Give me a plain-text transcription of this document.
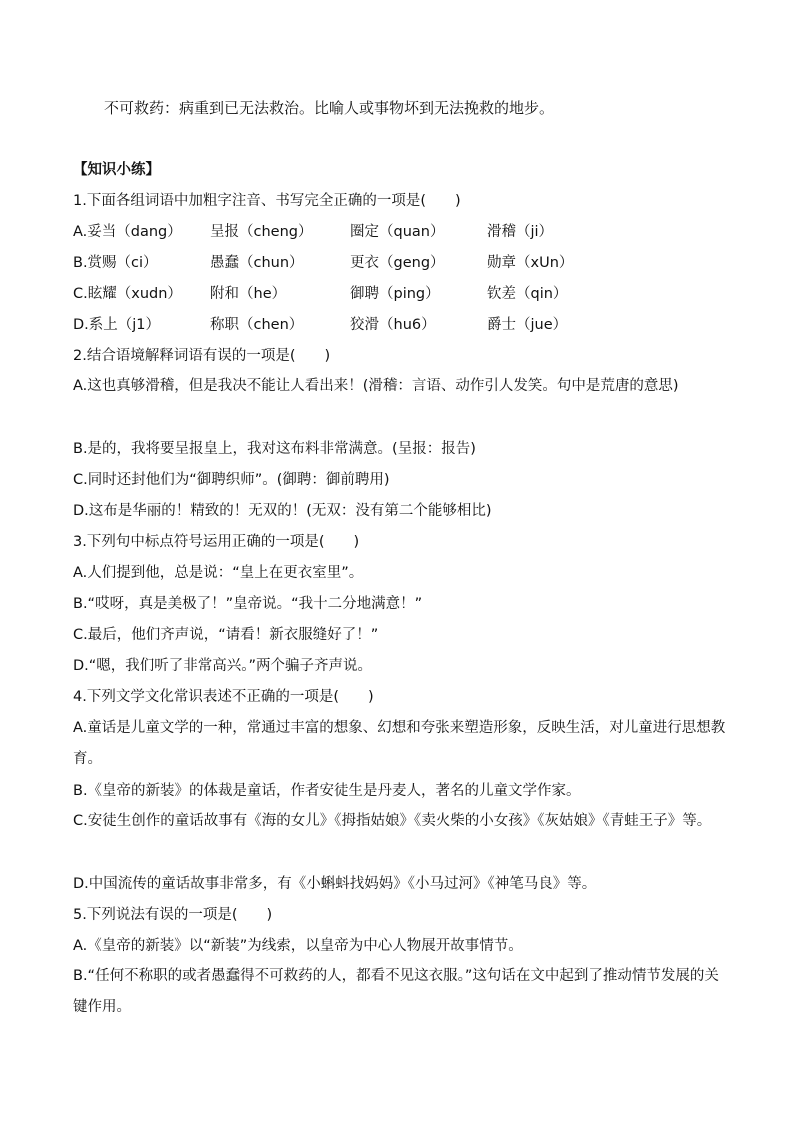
不可救药：病重到已无法救治。比喻人或事物坏到无法挽救的地步。
【知识小练】
1.下面各组词语中加粗字注音、书写完全正确的一项是(　　)
A.妥当（dang） 呈报（cheng）	圈定（quan）	滑稽（ji）
B.赏赐（ci）	愚蠢（chun）	更衣（geng）	勋章（xUn）
C.眩耀（xudn） 附和（he）	御聘（ping）	钦差（qin）
D.系上（j1）	称职（chen）	狡滑（hu6）	爵士（jue）
2.结合语境解释词语有误的一项是(　　)
A.这也真够滑稽，但是我决不能让人看出来！(滑稽：言语、动作引人发笑。句中是荒唐的意思)
B.是的，我将要呈报皇上，我对这布料非常满意。(呈报：报告)
C.同时还封他们为“御聘织师”。(御聘：御前聘用)
D.这布是华丽的！精致的！无双的！(无双：没有第二个能够相比)
3.下列句中标点符号运用正确的一项是(　　)
A.人们提到他，总是说：“皇上在更衣室里”。
B.“哎呀，真是美极了！”皇帝说。“我十二分地满意！”
C.最后，他们齐声说，“请看！新衣服缝好了！”
D.“嗯，我们听了非常高兴。”两个骗子齐声说。
4.下列文学文化常识表述不正确的一项是(　　)
A.童话是儿童文学的一种，常通过丰富的想象、幻想和夸张来塑造形象，反映生活，对儿童进行思想教育。
B.《皇帝的新装》的体裁是童话，作者安徒生是丹麦人，著名的儿童文学作家。
C.安徒生创作的童话故事有《海的女儿》《拇指姑娘》《卖火柴的小女孩》《灰姑娘》《青蛙王子》等。
D.中国流传的童话故事非常多，有《小蝌蚪找妈妈》《小马过河》《神笔马良》等。
5.下列说法有误的一项是(　　)
A.《皇帝的新装》以“新装”为线索，以皇帝为中心人物展开故事情节。
B.“任何不称职的或者愚蠢得不可救药的人，都看不见这衣服。”这句话在文中起到了推动情节发展的关键作用。
